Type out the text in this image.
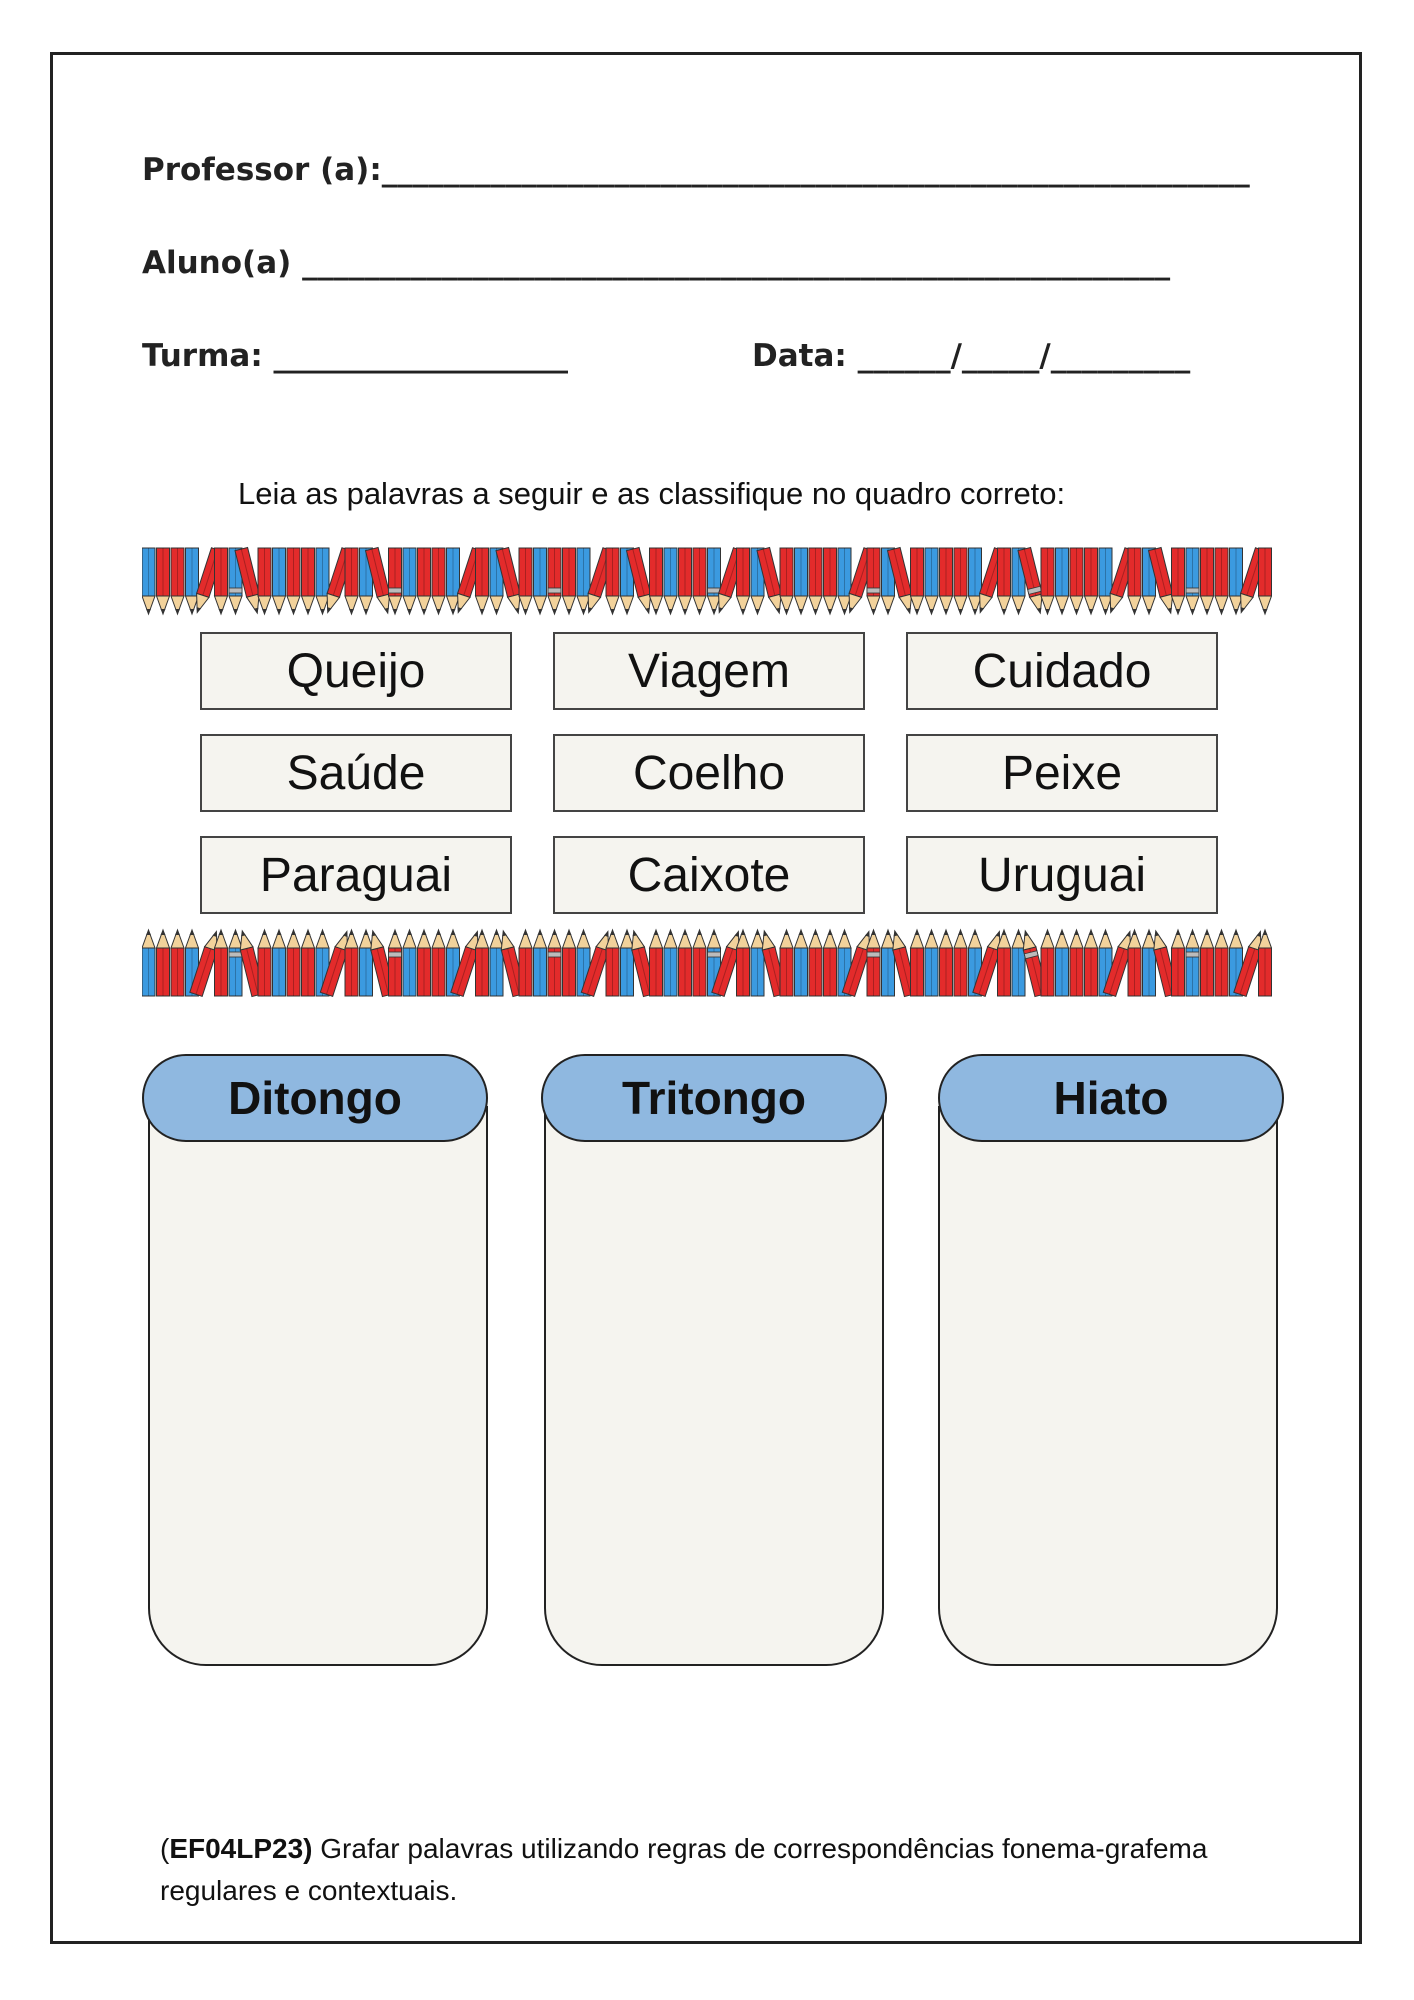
Professor (a):________________________________________________________
Aluno(a) ________________________________________________________
Turma: ___________________	Data: ______/_____/_________
Leia as palavras a seguir e as classifique no quadro correto:
Queijo	Viagem	Cuidado
Saúde	Coelho	Peixe
Paraguai	Caixote	Uruguai
Ditongo	Tritongo	Hiato
(EF04LP23) Grafar palavras utilizando regras de correspondências fonema-grafema regulares e contextuais.
